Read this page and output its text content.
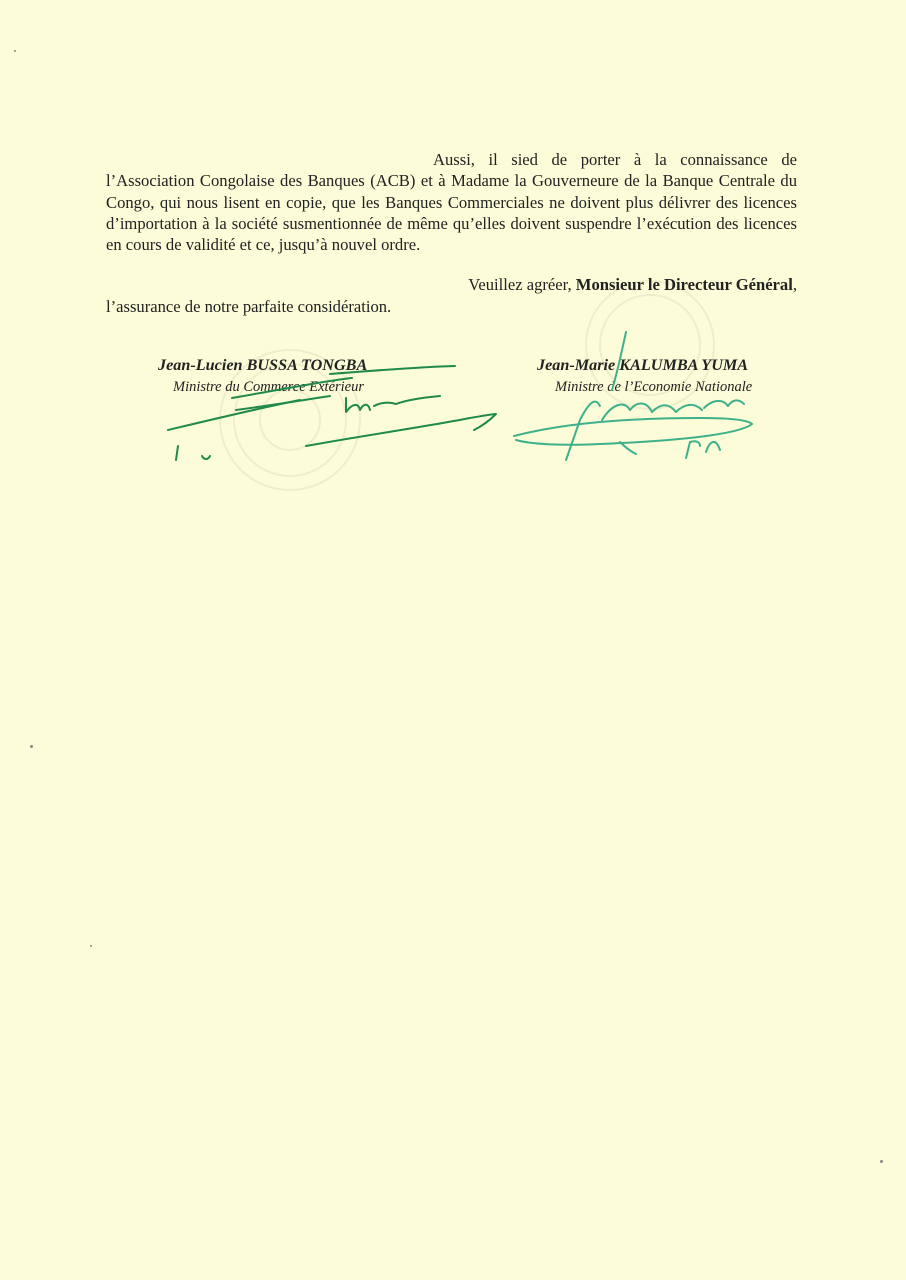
Aussi, il sied de porter à la connaissance de l’Association Congolaise des Banques (ACB) et à Madame la Gouverneure de la Banque Centrale du Congo, qui nous lisent en copie, que les Banques Commerciales ne doivent plus délivrer des licences d’importation à la société susmentionnée de même qu’elles doivent suspendre l’exécution des licences en cours de validité et ce, jusqu’à nouvel ordre.

Veuillez agréer, Monsieur le Directeur Général,

l’assurance de notre parfaite considération.

Jean-Lucien BUSSA TONGBA
Ministre du Commerce Extérieur
Jean-Marie KALUMBA YUMA
Ministre de l’Economie Nationale
